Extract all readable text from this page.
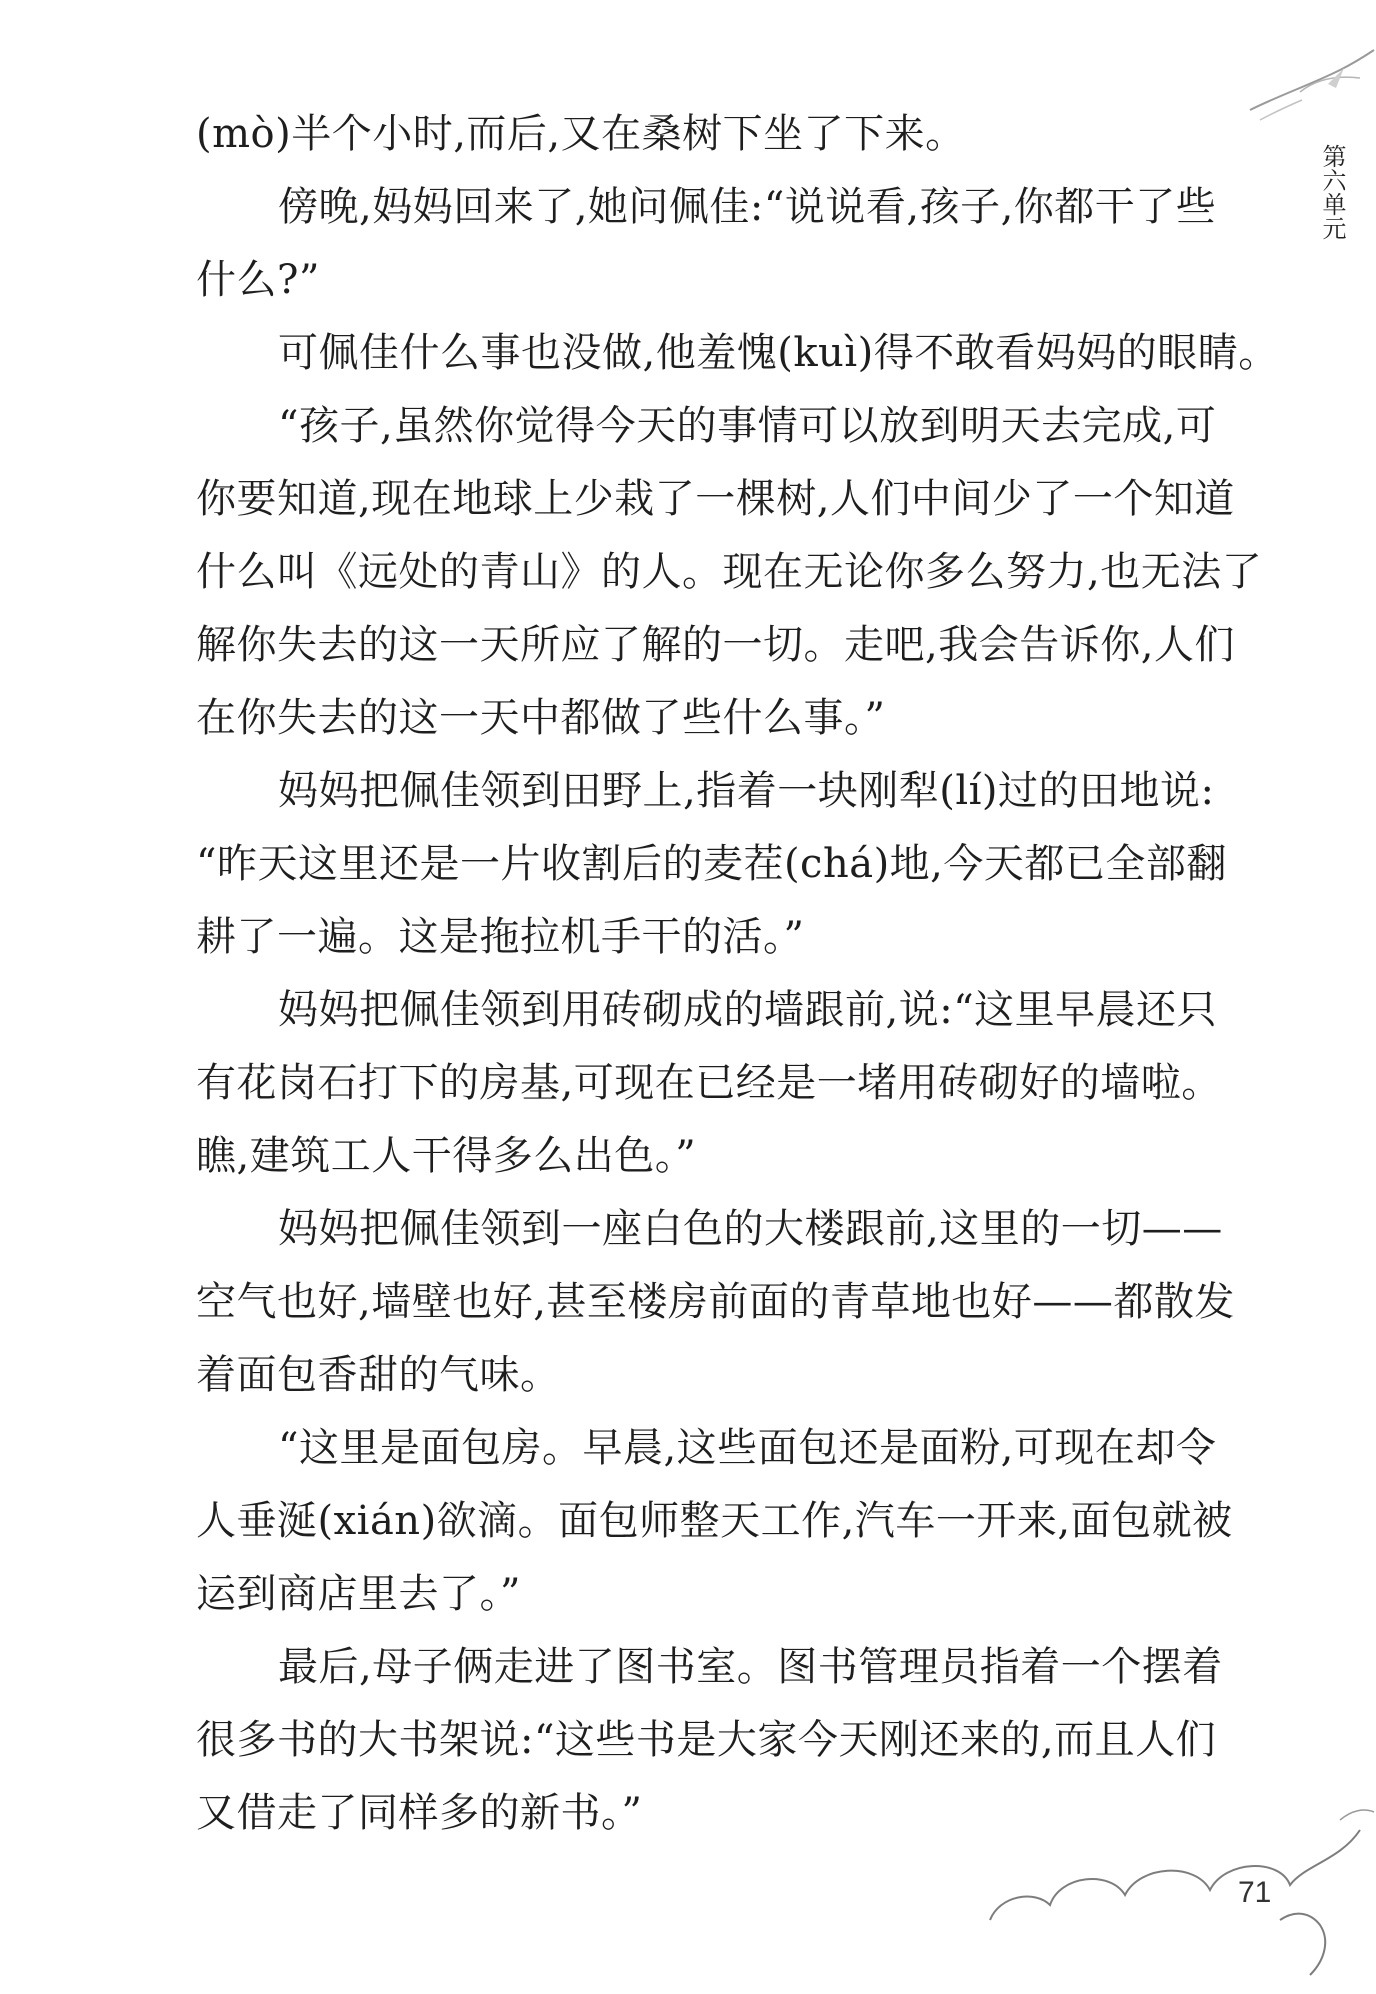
第六单元
(mò)半个小时,而后,又在桑树下坐了下来。
傍晚,妈妈回来了,她问佩佳:“说说看,孩子,你都干了些
什么?”
可佩佳什么事也没做,他羞愧(kuì)得不敢看妈妈的眼睛。
“孩子,虽然你觉得今天的事情可以放到明天去完成,可
你要知道,现在地球上少栽了一棵树,人们中间少了一个知道
什么叫《远处的青山》的人。现在无论你多么努力,也无法了
解你失去的这一天所应了解的一切。走吧,我会告诉你,人们
在你失去的这一天中都做了些什么事。”
妈妈把佩佳领到田野上,指着一块刚犁(lí)过的田地说:
“昨天这里还是一片收割后的麦茬(chá)地,今天都已全部翻
耕了一遍。这是拖拉机手干的活。”
妈妈把佩佳领到用砖砌成的墙跟前,说:“这里早晨还只
有花岗石打下的房基,可现在已经是一堵用砖砌好的墙啦。
瞧,建筑工人干得多么出色。”
妈妈把佩佳领到一座白色的大楼跟前,这里的一切——
空气也好,墙壁也好,甚至楼房前面的青草地也好——都散发
着面包香甜的气味。
“这里是面包房。早晨,这些面包还是面粉,可现在却令
人垂涎(xián)欲滴。面包师整天工作,汽车一开来,面包就被
运到商店里去了。”
最后,母子俩走进了图书室。图书管理员指着一个摆着
很多书的大书架说:“这些书是大家今天刚还来的,而且人们
又借走了同样多的新书。”
71
